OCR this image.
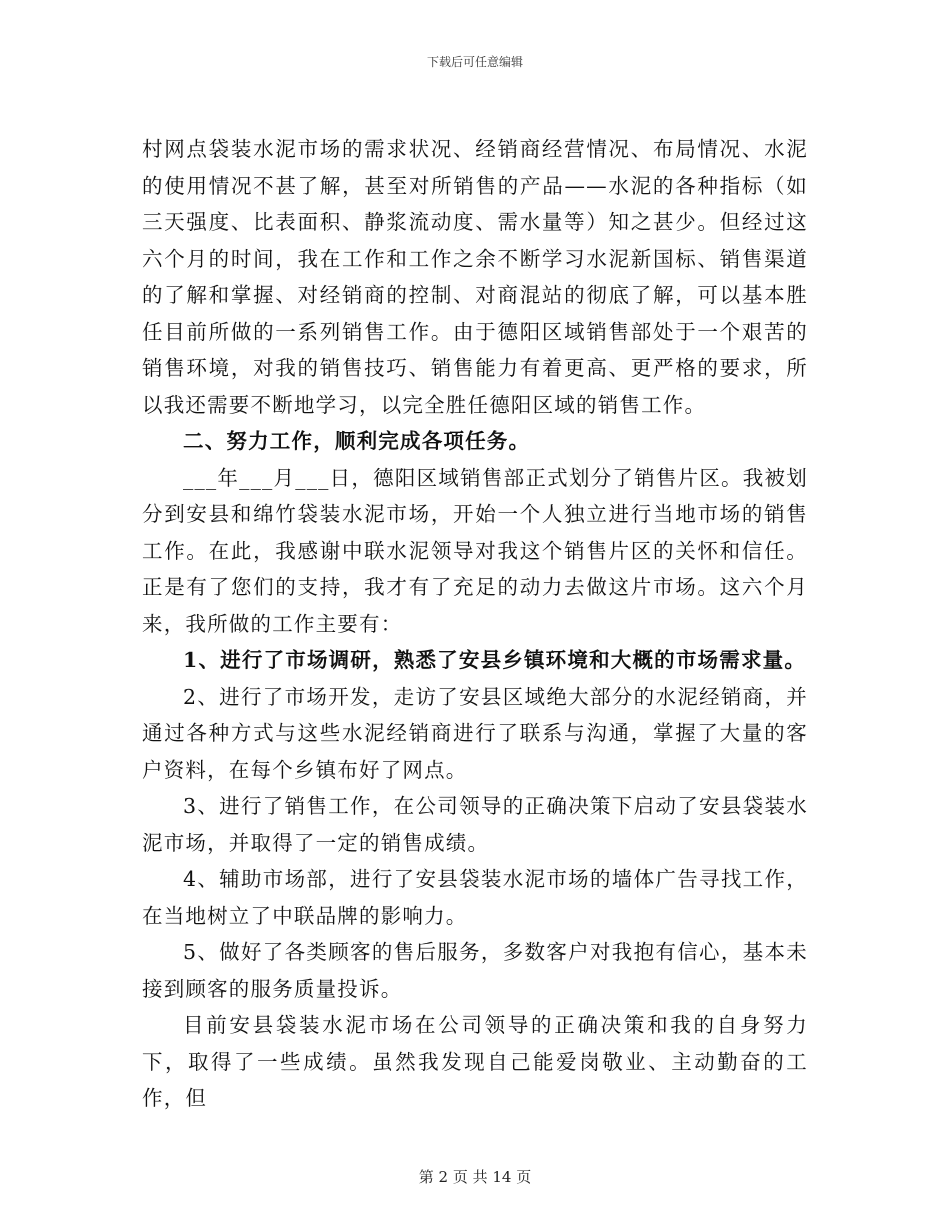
下载后可任意编辑

村网点袋装水泥市场的需求状况、经销商经营情况、布局情况、水泥的使用情况不甚了解，甚至对所销售的产品——水泥的各种指标（如三天强度、比表面积、静浆流动度、需水量等）知之甚少。但经过这六个月的时间，我在工作和工作之余不断学习水泥新国标、销售渠道的了解和掌握、对经销商的控制、对商混站的彻底了解，可以基本胜任目前所做的一系列销售工作。由于德阳区域销售部处于一个艰苦的销售环境，对我的销售技巧、销售能力有着更高、更严格的要求，所以我还需要不断地学习，以完全胜任德阳区域的销售工作。

二、努力工作，顺利完成各项任务。

___年___月___日，德阳区域销售部正式划分了销售片区。我被划分到安县和绵竹袋装水泥市场，开始一个人独立进行当地市场的销售工作。在此，我感谢中联水泥领导对我这个销售片区的关怀和信任。正是有了您们的支持，我才有了充足的动力去做这片市场。这六个月来，我所做的工作主要有：

1、进行了市场调研，熟悉了安县乡镇环境和大概的市场需求量。

2、进行了市场开发，走访了安县区域绝大部分的水泥经销商，并通过各种方式与这些水泥经销商进行了联系与沟通，掌握了大量的客户资料，在每个乡镇布好了网点。

3、进行了销售工作，在公司领导的正确决策下启动了安县袋装水泥市场，并取得了一定的销售成绩。

4、辅助市场部，进行了安县袋装水泥市场的墙体广告寻找工作，在当地树立了中联品牌的影响力。

5、做好了各类顾客的售后服务，多数客户对我抱有信心，基本未接到顾客的服务质量投诉。

目前安县袋装水泥市场在公司领导的正确决策和我的自身努力下，取得了一些成绩。虽然我发现自己能爱岗敬业、主动勤奋的工作，但

第 2 页 共 14 页
